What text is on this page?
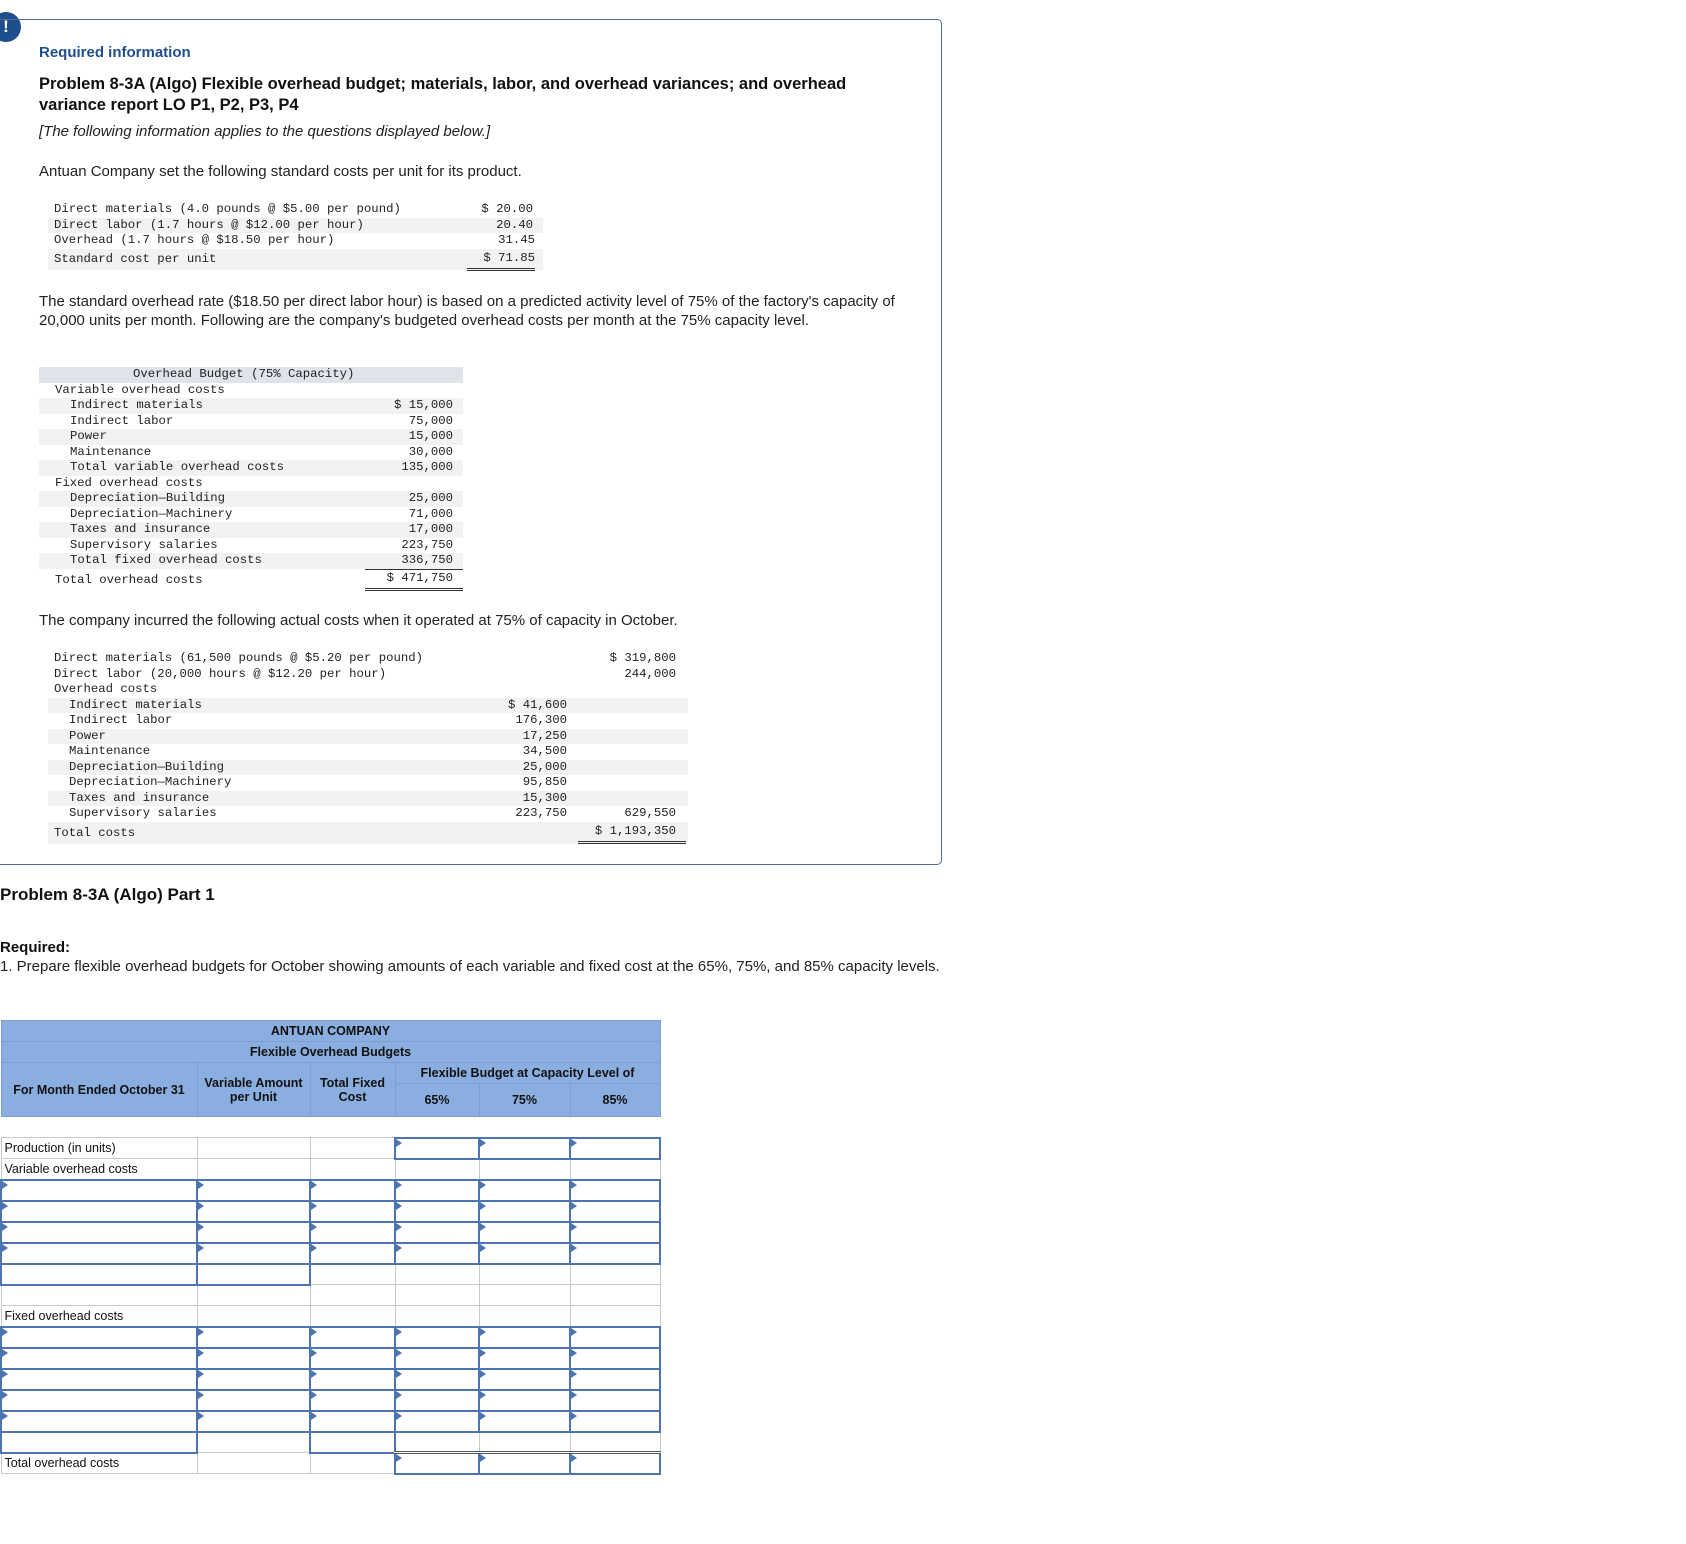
!
Required information
Problem 8-3A (Algo) Flexible overhead budget; materials, labor, and overhead variances; and overhead variance report LO P1, P2, P3, P4
[The following information applies to the questions displayed below.]
Antuan Company set the following standard costs per unit for its product.
Direct materials (4.0 pounds @ $5.00 per pound)	$ 20.00
Direct labor (1.7 hours @ $12.00 per hour)	20.40
Overhead (1.7 hours @ $18.50 per hour)	31.45
Standard cost per unit	$ 71.85
The standard overhead rate ($18.50 per direct labor hour) is based on a predicted activity level of 75% of the factory's capacity of 20,000 units per month. Following are the company's budgeted overhead costs per month at the 75% capacity level.
Overhead Budget (75% Capacity)
Variable overhead costs
Indirect materials	$ 15,000
Indirect labor	75,000
Power	15,000
Maintenance	30,000
Total variable overhead costs	135,000
Fixed overhead costs
Depreciation—Building	25,000
Depreciation—Machinery	71,000
Taxes and insurance	17,000
Supervisory salaries	223,750
Total fixed overhead costs	336,750
Total overhead costs	$ 471,750
The company incurred the following actual costs when it operated at 75% of capacity in October.
Direct materials (61,500 pounds @ $5.20 per pound)	$ 319,800
Direct labor (20,000 hours @ $12.20 per hour)	244,000
Overhead costs
Indirect materials	$ 41,600
Indirect labor	176,300
Power	17,250
Maintenance	34,500
Depreciation—Building	25,000
Depreciation—Machinery	95,850
Taxes and insurance	15,300
Supervisory salaries	223,750	629,550
Total costs	$ 1,193,350
Problem 8-3A (Algo) Part 1
Required:
1. Prepare flexible overhead budgets for October showing amounts of each variable and fixed cost at the 65%, 75%, and 85% capacity levels.
ANTUAN COMPANY					
Flexible Overhead Budgets					
For Month Ended October 31	Variable Amount per Unit	Total Fixed Cost	Flexible Budget at Capacity Level of		
			65%	75%	85%

Production (in units)					
Variable overhead costs					

Fixed overhead costs					

Total overhead costs					
